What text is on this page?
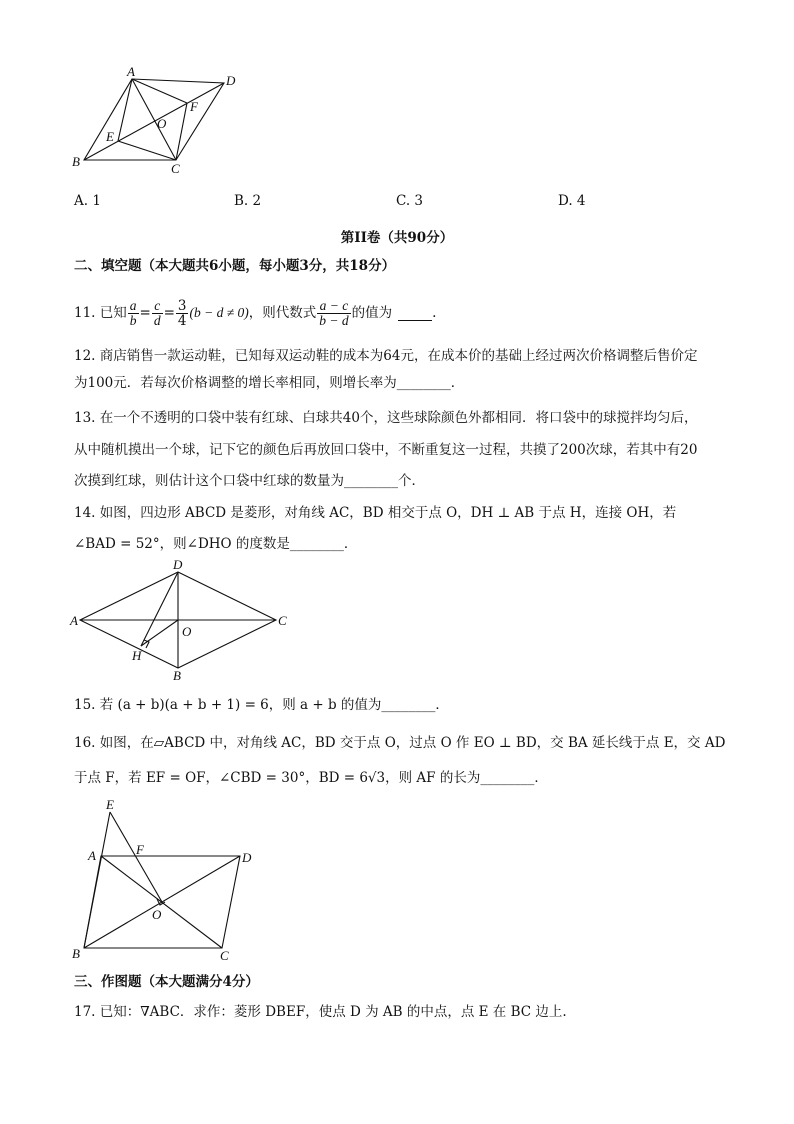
A
D
B	C
E
O
F
A. 1	B. 2	C. 3	D. 4
第II卷（共90分）
二、填空题（本大题共6小题，每小题3分，共18分）
11. 已知 $\frac{a}{b} = \frac{c}{d} = \frac{3}{4} (b - d \ne 0)$ ，则代数式 $\frac{a - c}{b - d}$ 的值为	.
12. 商店销售一款运动鞋，已知每双运动鞋的成本为64元，在成本价的基础上经过两次价格调整后售价定
为100元．若每次价格调整的增长率相同，则增长率为________．
13. 在一个不透明的口袋中装有红球、白球共40个，这些球除颜色外都相同．将口袋中的球搅拌均匀后，
从中随机摸出一个球，记下它的颜色后再放回口袋中，不断重复这一过程，共摸了200次球，若其中有20
次摸到红球，则估计这个口袋中红球的数量为________个．
14. 如图，四边形 ABCD 是菱形，对角线 AC，BD 相交于点 O，DH ⊥ AB 于点 H，连接 OH，若
∠BAD = 52°，则∠DHO 的度数是________．
D
A	C
O
H
B
15. 若 (a + b)(a + b + 1) = 6，则 a + b 的值为________．
16. 如图，在▱ABCD 中，对角线 AC，BD 交于点 O，过点 O 作 EO ⊥ BD，交 BA 延长线于点 E，交 AD
于点 F，若 EF = OF，∠CBD = 30°，BD = 6√3，则 AF 的长为________．
E
A	F
D
O
B	C
三、作图题（本大题满分4分）
17. 已知：∇ABC．求作：菱形 DBEF，使点 D 为 AB 的中点，点 E 在 BC 边上.
